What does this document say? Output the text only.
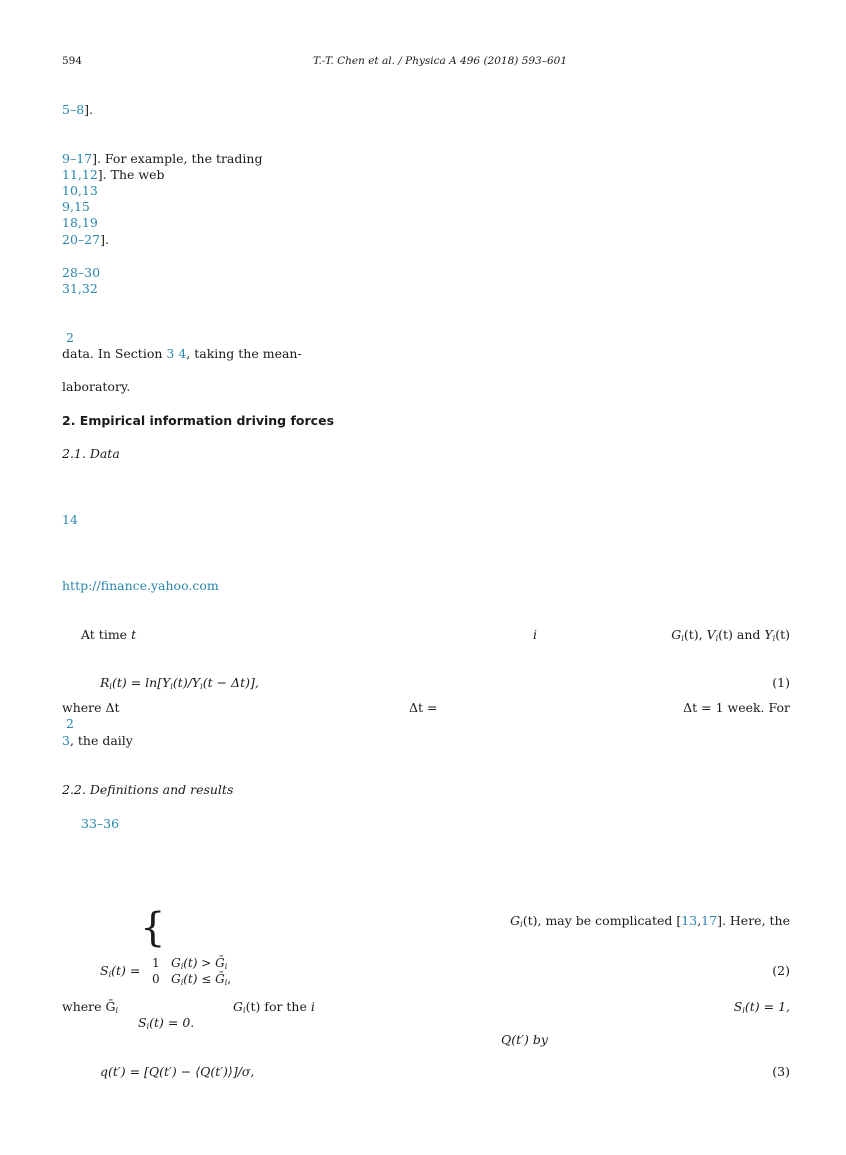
594	T.-T. Chen et al. / Physica A 496 (2018) 593–601
5–8].
9–17]. For example, the trading
11,12]. The web
10,13
9,15
18,19
20–27].
28–30
31,32
2
data. In Section 3 4, taking the mean-
laboratory.
2. Empirical information driving forces
2.1. Data
14
http://finance.yahoo.com
At time t	i	$G_i(t)$, $V_i(t)$ and $Y_i(t)$
$R_i(t) = \ln[Y_i(t)/Y_i(t - \Delta t)]$,	(1)
where Δt	Δt =	Δt = 1 week. For
2
3, the daily
2.2. Definitions and results
33–36
$G_i(t)$, may be complicated [13,17]. Here, the
{
$S_i(t) = 1$ $G_i(t)$ > Ḡ$_i$
0 $G_i(t)$ ≤ Ḡ$_i$,
(2)
where Ḡ$_i$	$G_i(t)$ for the i	$S_i(t) = 1$,
$S_i(t) = 0$.
Q(t′) by
q(t′) = [Q(t′) − ⟨Q(t′)⟩]/σ,	(3)
